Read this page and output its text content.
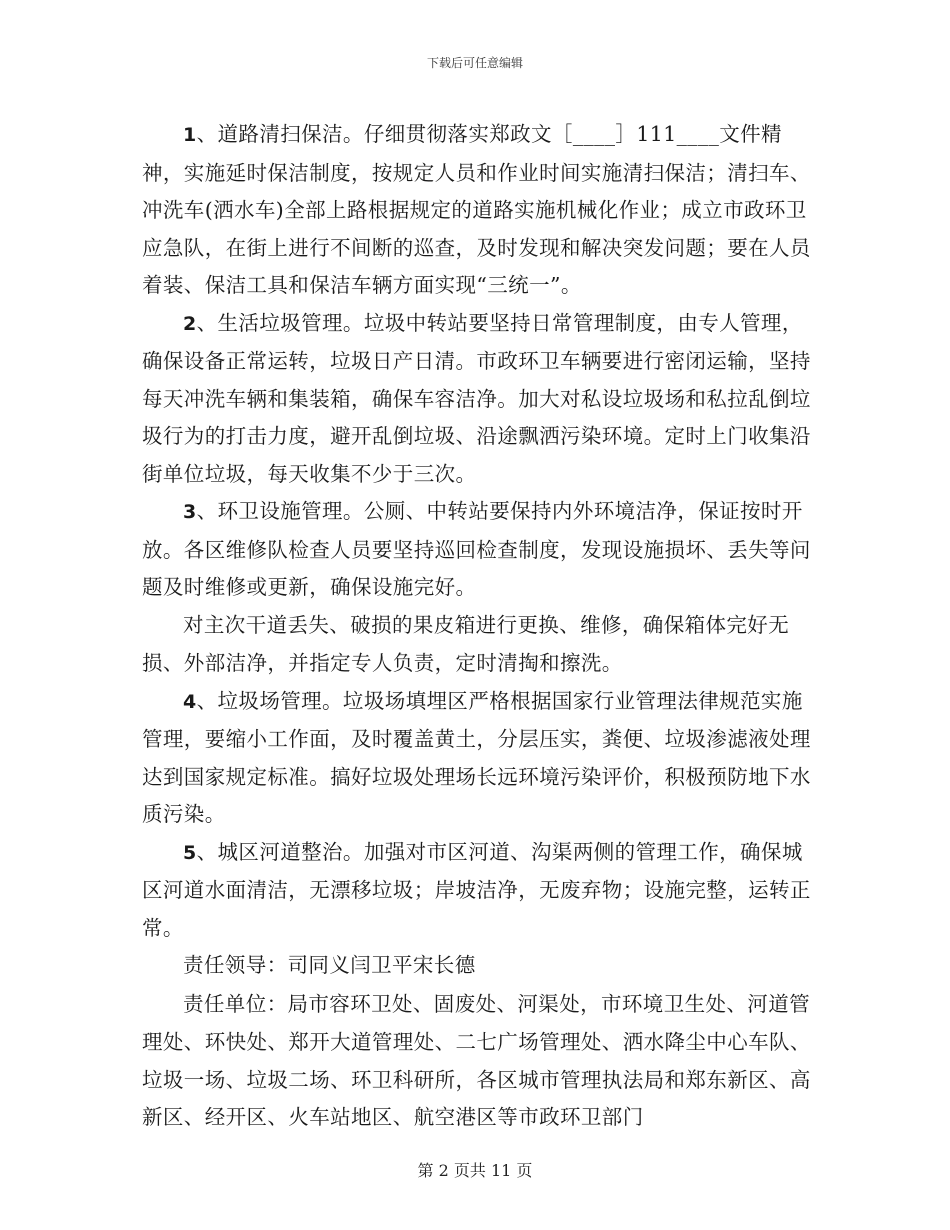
下载后可任意编辑

1、道路清扫保洁。仔细贯彻落实郑政文［____］111____文件精神，实施延时保洁制度，按规定人员和作业时间实施清扫保洁；清扫车、冲洗车(洒水车)全部上路根据规定的道路实施机械化作业；成立市政环卫应急队，在街上进行不间断的巡查，及时发现和解决突发问题；要在人员着装、保洁工具和保洁车辆方面实现“三统一”。

2、生活垃圾管理。垃圾中转站要坚持日常管理制度，由专人管理，确保设备正常运转，垃圾日产日清。市政环卫车辆要进行密闭运输，坚持每天冲洗车辆和集装箱，确保车容洁净。加大对私设垃圾场和私拉乱倒垃圾行为的打击力度，避开乱倒垃圾、沿途飘洒污染环境。定时上门收集沿街单位垃圾，每天收集不少于三次。

3、环卫设施管理。公厕、中转站要保持内外环境洁净，保证按时开放。各区维修队检查人员要坚持巡回检查制度，发现设施损坏、丢失等问题及时维修或更新，确保设施完好。

对主次干道丢失、破损的果皮箱进行更换、维修，确保箱体完好无损、外部洁净，并指定专人负责，定时清掏和擦洗。

4、垃圾场管理。垃圾场填埋区严格根据国家行业管理法律规范实施管理，要缩小工作面，及时覆盖黄土，分层压实，粪便、垃圾渗滤液处理达到国家规定标准。搞好垃圾处理场长远环境污染评价，积极预防地下水质污染。

5、城区河道整治。加强对市区河道、沟渠两侧的管理工作，确保城区河道水面清洁，无漂移垃圾；岸坡洁净，无废弃物；设施完整，运转正常。

责任领导：司同义闫卫平宋长德

责任单位：局市容环卫处、固废处、河渠处，市环境卫生处、河道管理处、环快处、郑开大道管理处、二七广场管理处、洒水降尘中心车队、垃圾一场、垃圾二场、环卫科研所，各区城市管理执法局和郑东新区、高新区、经开区、火车站地区、航空港区等市政环卫部门

第 2 页共 11 页
